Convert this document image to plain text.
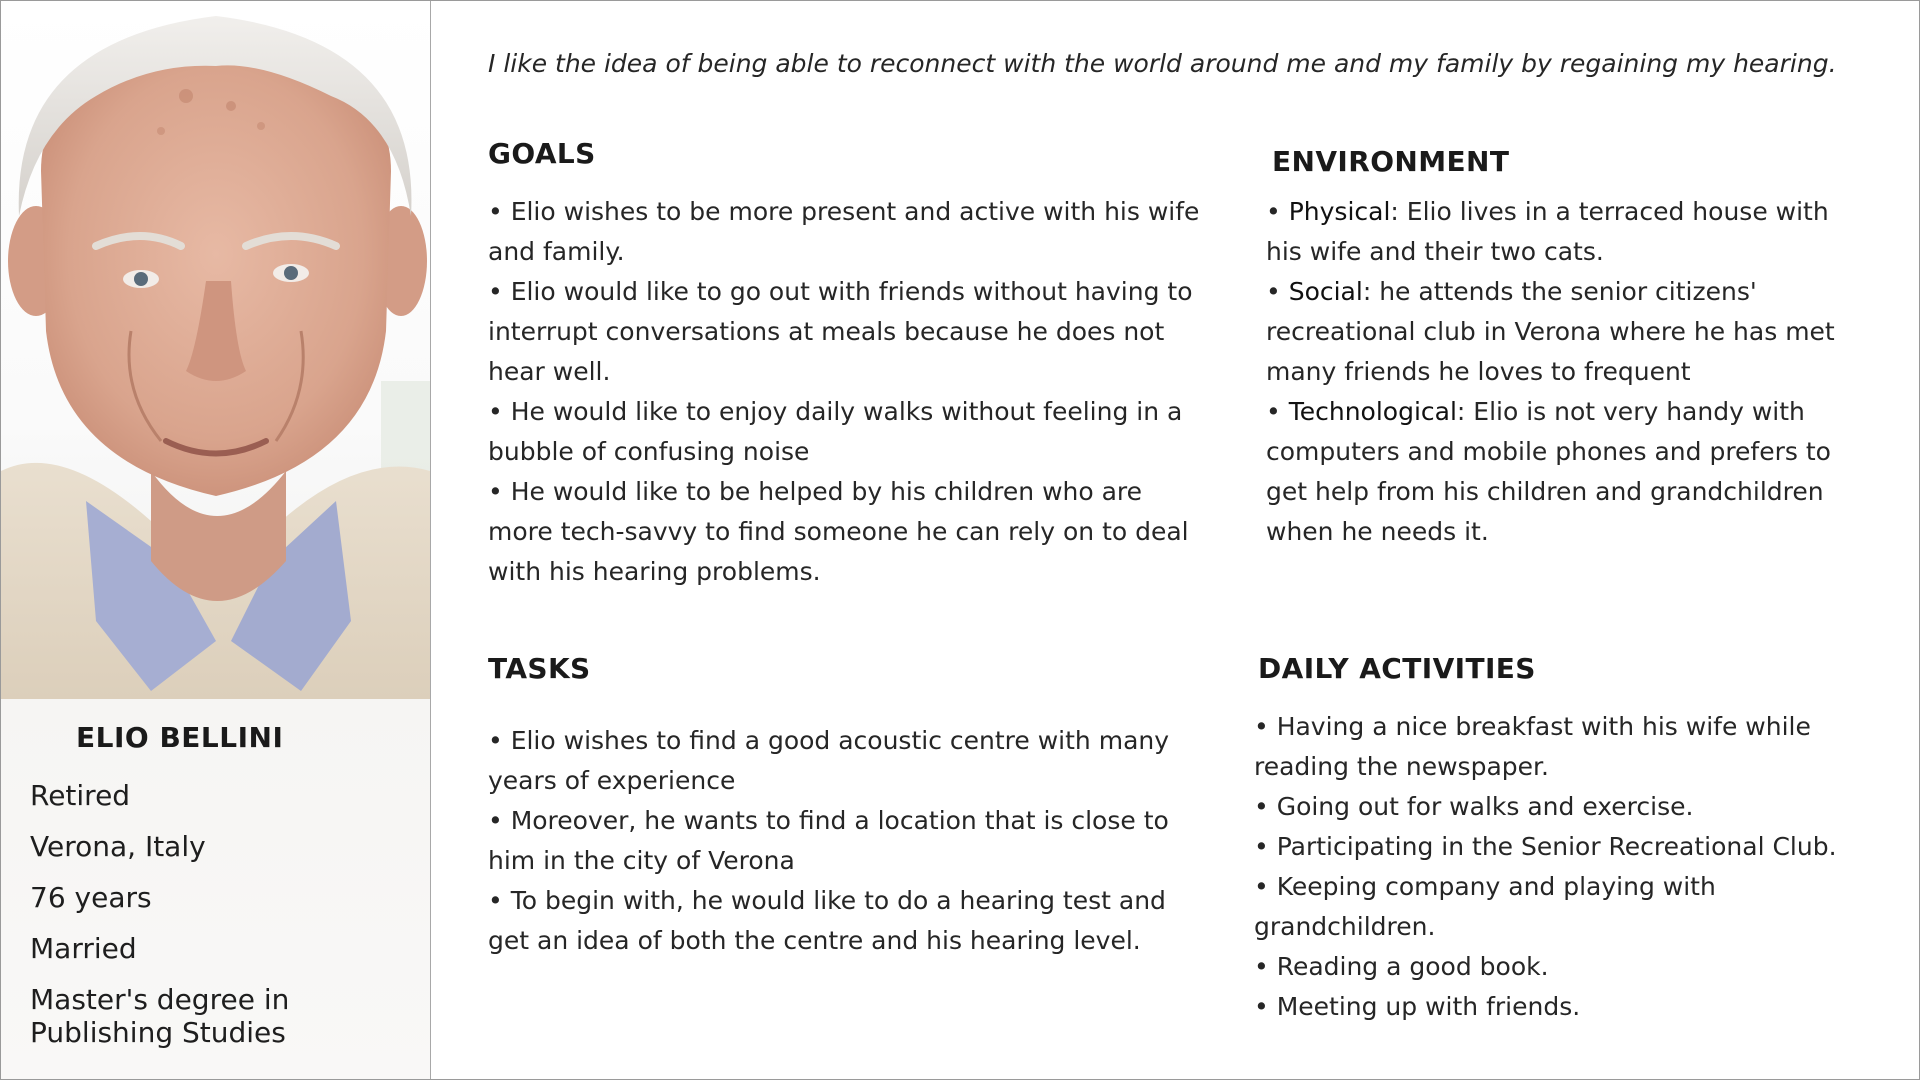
ELIO BELLINI
Retired
Verona, Italy
76 years
Married
Master's degree in Publishing Studies

I like the idea of being able to reconnect with the world around me and my family by regaining my hearing.

GOALS
• Elio wishes to be more present and active with his wife and family.
• Elio would like to go out with friends without having to interrupt conversations at meals because he does not hear well.
• He would like to enjoy daily walks without feeling in a bubble of confusing noise
• He would like to be helped by his children who are more tech-savvy to find someone he can rely on to deal with his hearing problems.
ENVIRONMENT
• Physical: Elio lives in a terraced house with his wife and their two cats.
• Social: he attends the senior citizens' recreational club in Verona where he has met many friends he loves to frequent
• Technological: Elio is not very handy with computers and mobile phones and prefers to get help from his children and grandchildren when he needs it.
TASKS
• Elio wishes to find a good acoustic centre with many years of experience
• Moreover, he wants to find a location that is close to him in the city of Verona
• To begin with, he would like to do a hearing test and get an idea of both the centre and his hearing level.
DAILY ACTIVITIES
• Having a nice breakfast with his wife while reading the newspaper.
• Going out for walks and exercise.
• Participating in the Senior Recreational Club.
• Keeping company and playing with grandchildren.
• Reading a good book.
• Meeting up with friends.
